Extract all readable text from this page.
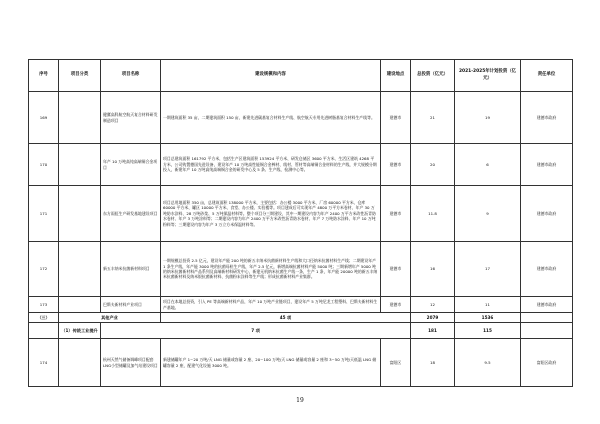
序号	项目分类	项目名称	建设规模和内容	建设地点	总投资（亿元）	2021-2025年计划投资（亿元）	责任单位
169		健翼高科航空航天复合材料研发制造项目	一期建筑面积 35 亩，二期建筑面积 150 亩，新建先进碳基复合材料生产线、航空航天专用先进树脂基复合材料生产线等。	建德市	21	19	建德市政府
170		年产 10 万吨高纯高端铜合金项目	项目总建筑面积 161792 平方米，包括生产区建筑面积 153924 平方米、研发仓储区 3600 平方米、生活区建筑 4268 平方米，公司购置德国先进设备，建设年产 10 万吨高性能铜合金棒材、线材、管材等高端铜合金材料的生产线，并大规模分期投入，新建年产 10 万吨高纯高端铜合金的研发中心及 5 条、生产线、检测中心等。	建德市	20	6	建德市政府
171		东方雨虹生产研发基地建设项目	项目总用地面积 350 亩，总建筑面积 138000 平方米，主要包括：办公楼 3000 平方米、厂房 60000 平方米、仓库 60000 平方米、罐区 10000 平方米、食堂、办公楼、实验楼等。项目建成后可实现年产 4800 万平方米卷材、年产 30 万吨防水涂料、28 万吨砂浆、5 万吨保温材料等。整个项目分三期建设，其中一期建设内容为年产 2400 万平方米改性沥青防水卷材、年产 3 万吨涂料等；二期建设内容为年产 2400 万平方米改性沥青防水卷材、年产 7 万吨防水涂料、年产 10 万吨粉料等；三期建设内容为年产 3 万立方米保温材料等。	建德市	11.8	9	建德市政府
172		新五丰纳米抗菌新材料项目	一期规模总投资 2.5 亿元，建设年产能 200 吨的新五丰纳米抗菌新材料生产线和大口径纳米抗菌材料生产线；二期建设年产 1 条生产线，年产能 3000 吨的抗菌母粒生产线，年产 2.5 亿元，新增高端抗菌材料产能 5000 吨；三期新增年产 5000 吨的纳米抗菌新材料产品系列及高端新材料研发中心，新建无机纳米抗菌生产线一条，生产 1 条，年产能 20000 吨的新五丰纳米抗菌新材料及纳米银抗菌新材料、抗菌粉末涂料等生产线；形成抗菌新材料产业集群。	建德市	16	17	建德市政府
173		巴斯夫新材料产业项目	项目在本地总投资，引入 PE 等高端新材料产品，年产 10 万吨产业链项目，建设年产 5 万吨尼龙工程塑料、巴斯夫新材料生产基地。	建德市	12	11	建德市政府
（三）	其他产业		45 项		2079	1536	
	（1）传统工业提升	7 项			181	115	
174		杭州天然气储备调峰项目配套LNG小型储罐及加气站建设项目	新建储罐年产 1~20 万吨/天 LNG 储量或容量 2 座、20~100 万吨/天 LNG 储量或容量 2 座和 3~50 万吨/天低温 LNG 储罐容量 2 座，配建气化设施 3000 吨。	富阳区	18	9.5	富阳区政府
19
